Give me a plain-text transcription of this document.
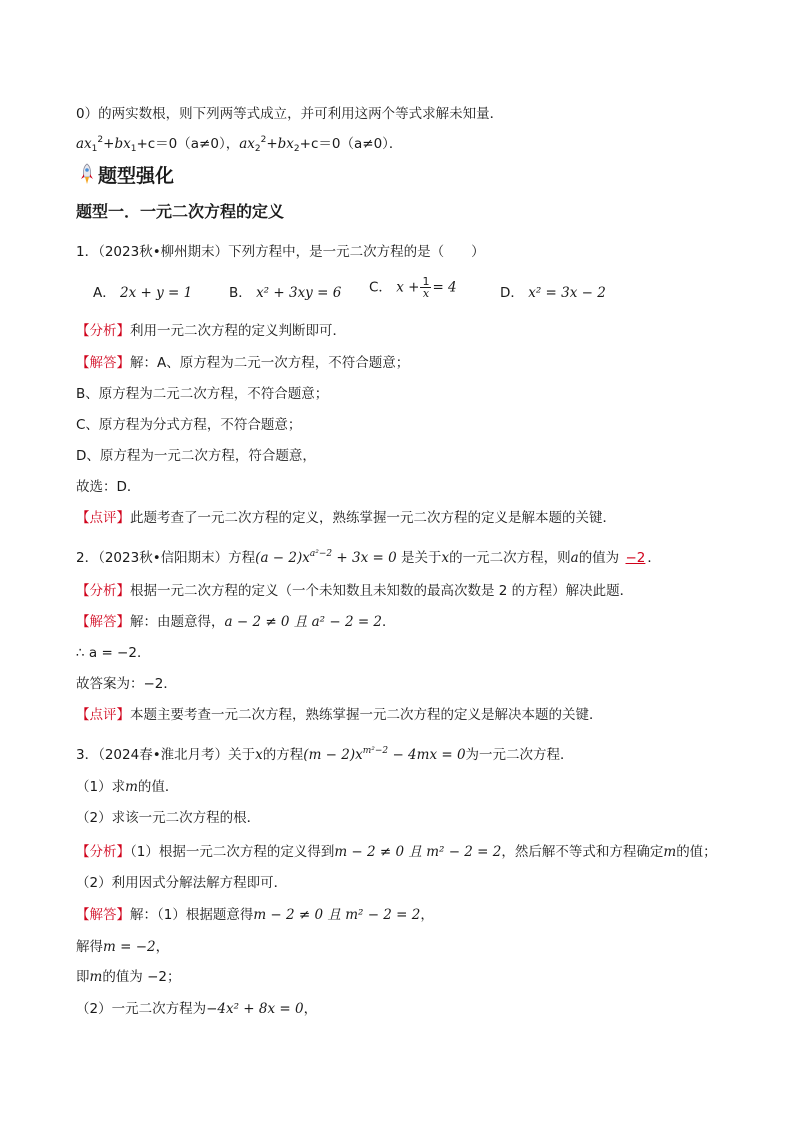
0）的两实数根，则下列两等式成立，并可利用这两个等式求解未知量．
$ax_1^2+bx_1+c=0(a\ne 0)$，$ax_2^2+bx_2+c=0(a\ne 0)$．
题型强化
题型一．一元二次方程的定义
1．（2023秋•柳州期末）下列方程中，是一元二次方程的是（　　）
A． 2x + y = 1	B． x² + 3xy = 6 C． $x + \frac{1}{x} = 4$	D． x² = 3x − 2
【分析】利用一元二次方程的定义判断即可．
【解答】解：A、原方程为二元一次方程，不符合题意；
B、原方程为二元二次方程，不符合题意；
C、原方程为分式方程，不符合题意；
D、原方程为一元二次方程，符合题意，
故选：D．
【点评】此题考查了一元二次方程的定义，熟练掌握一元二次方程的定义是解本题的关键．
2．（2023秋•信阳期末）方程$(a - 2)x^{a^2-2} + 3x = 0$ 是关于x的一元二次方程，则a的值为 −2 ．
【分析】根据一元二次方程的定义（一个未知数且未知数的最高次数是 2 的方程）解决此题．
【解答】解：由题意得，a − 2 ≠ 0 且 a² − 2 = 2．
∴ a = −2．
故答案为：−2．
【点评】本题主要考查一元二次方程，熟练掌握一元二次方程的定义是解决本题的关键．
3．（2024春•淮北月考）关于x的方程$(m - 2)x^{m^2-2} - 4mx = 0$为一元二次方程．
（1）求m的值．
（2）求该一元二次方程的根．
【分析】（1）根据一元二次方程的定义得到m − 2 ≠ 0 且 m² − 2 = 2，然后解不等式和方程确定m的值；
（2）利用因式分解法解方程即可．
【解答】解：（1）根据题意得m − 2 ≠ 0 且 m² − 2 = 2，
解得m = −2，
即m的值为 −2；
（2）一元二次方程为−4x² + 8x = 0，
